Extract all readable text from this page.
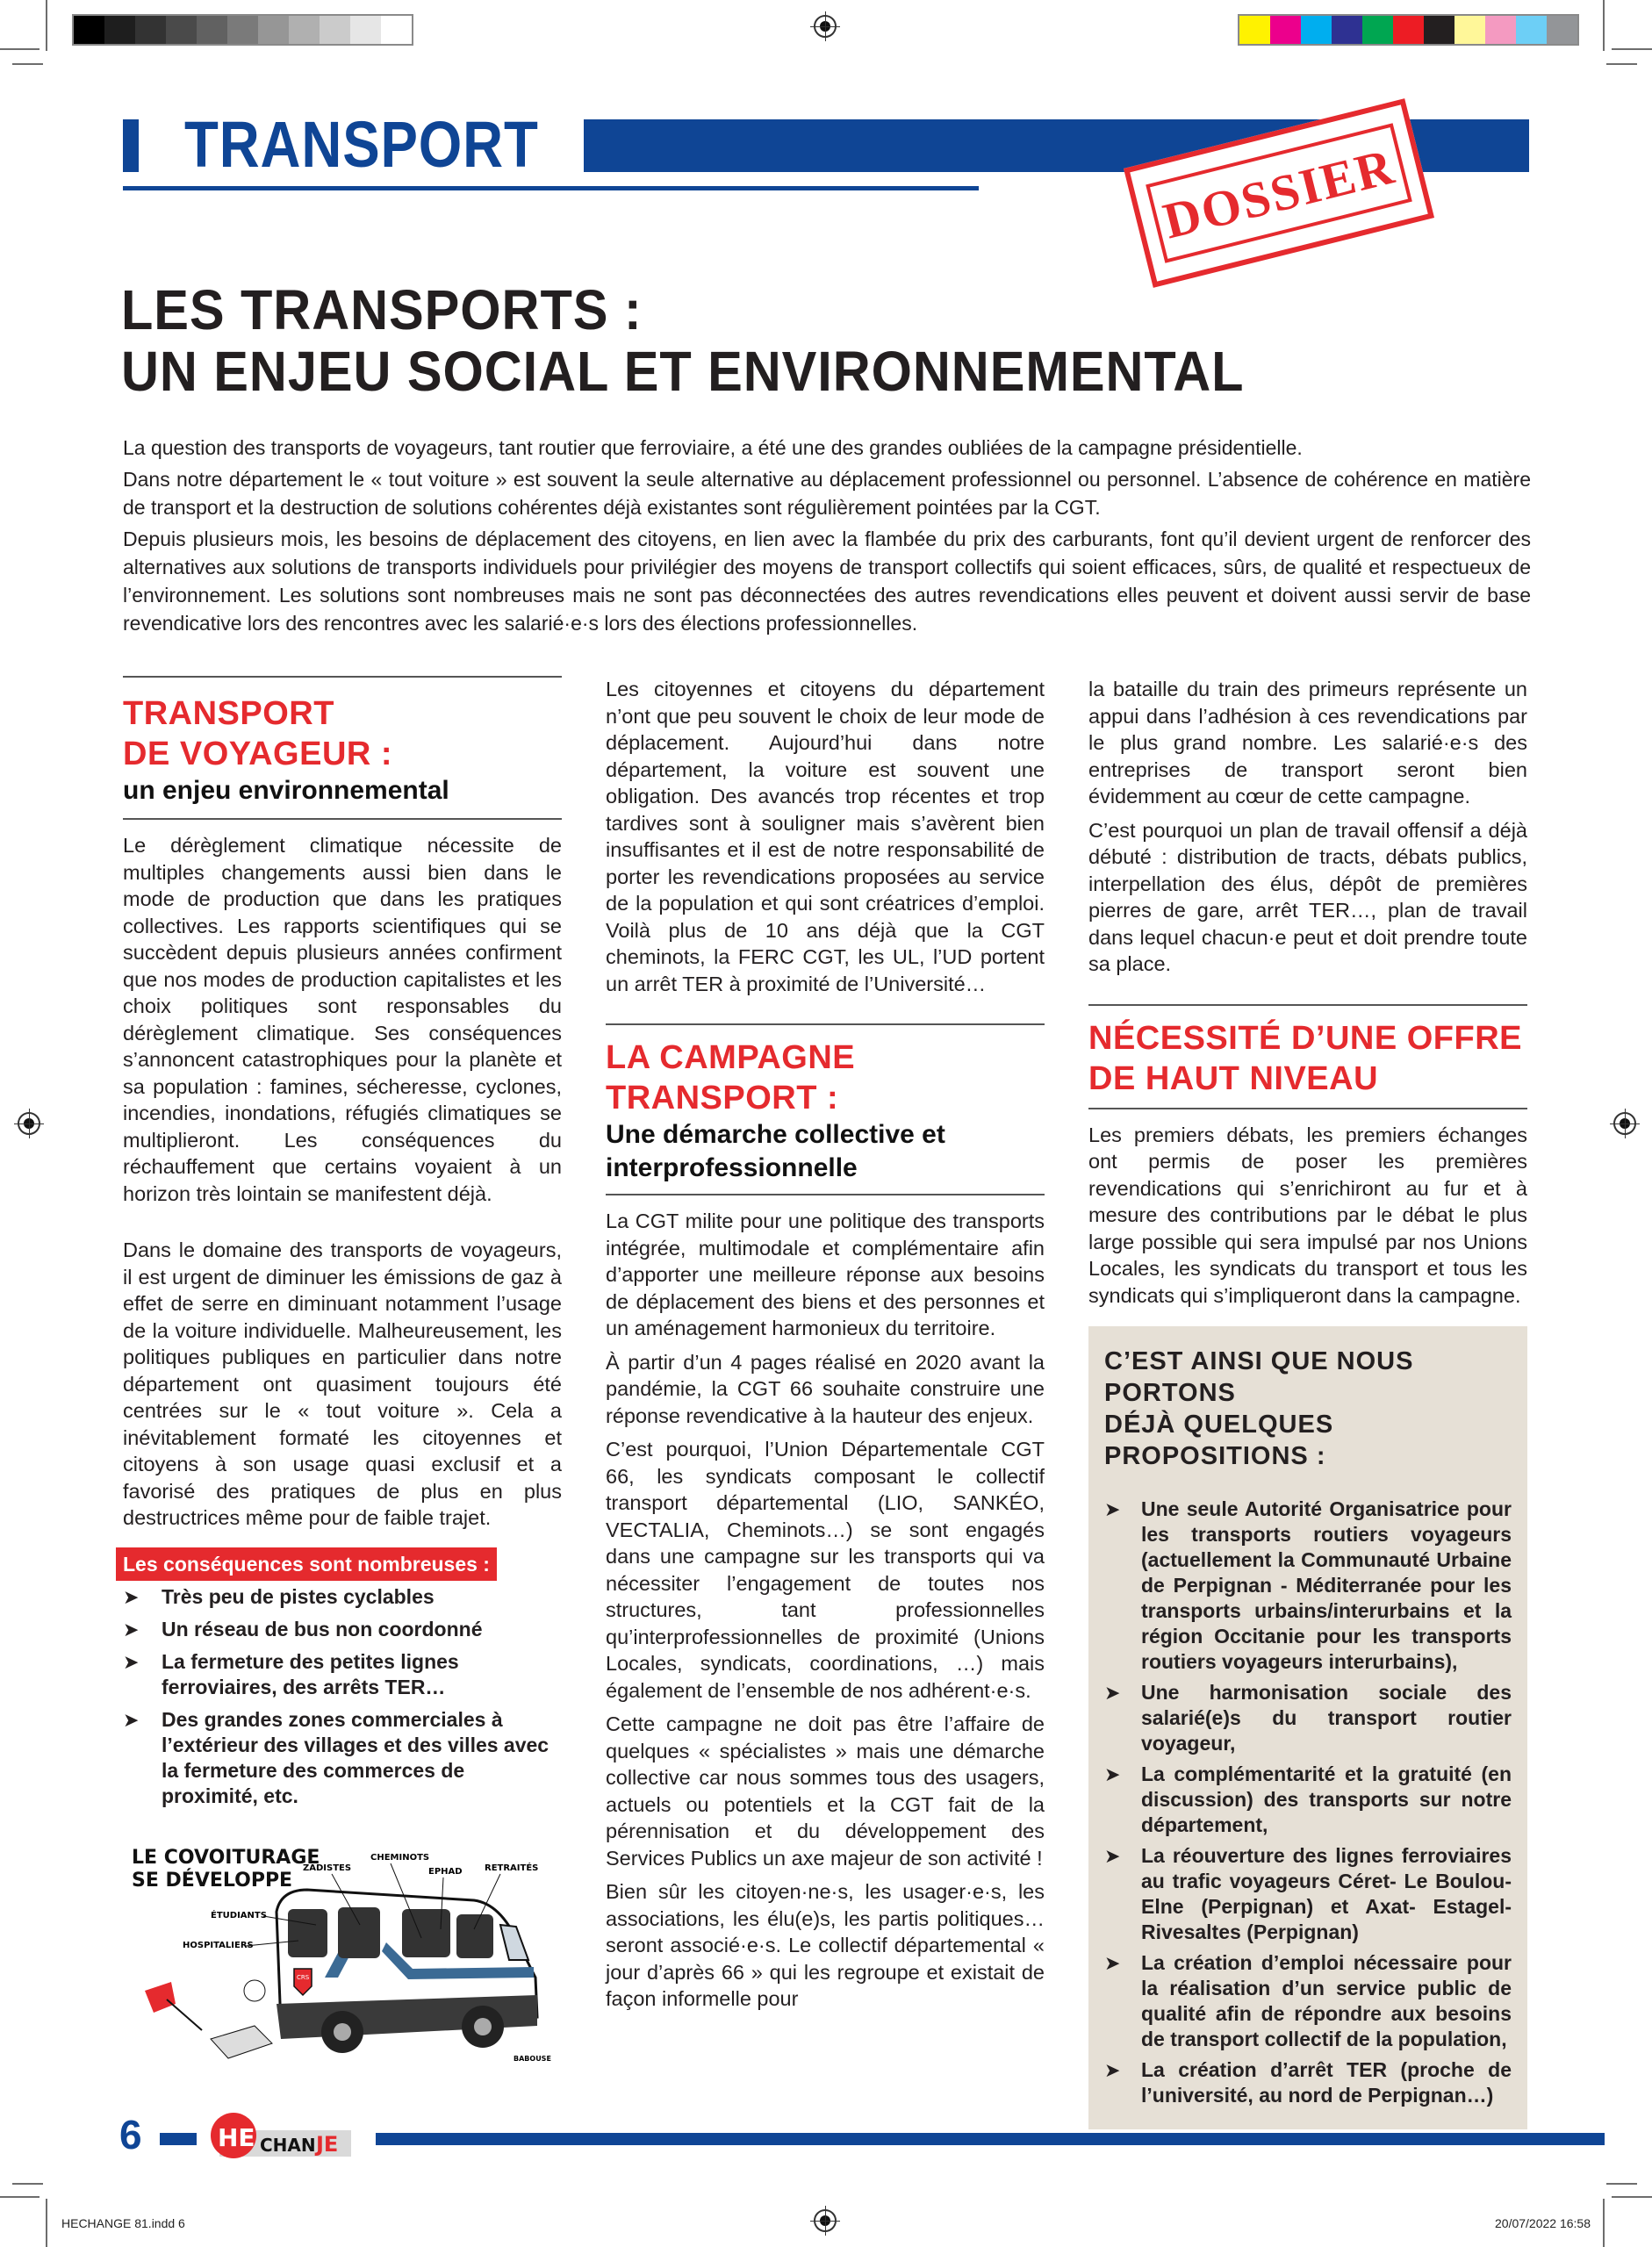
TRANSPORT	DOSSIER
LES TRANSPORTS :
UN ENJEU SOCIAL ET ENVIRONNEMENTAL

La question des transports de voyageurs, tant routier que ferroviaire, a été une des grandes oubliées de la campagne présidentielle.

Dans notre département le « tout voiture » est souvent la seule alternative au déplacement professionnel ou personnel. L’absence de cohérence en matière de transport et la destruction de solutions cohérentes déjà existantes sont régulièrement pointées par la CGT.

Depuis plusieurs mois, les besoins de déplacement des citoyens, en lien avec la flambée du prix des carburants, font qu’il devient urgent de renforcer des alternatives aux solutions de transports individuels pour privilégier des moyens de transport collectifs qui soient efficaces, sûrs, de qualité et respectueux de l’environnement. Les solutions sont nombreuses mais ne sont pas déconnectées des autres revendications elles peuvent et doivent aussi servir de base revendicative lors des rencontres avec les salarié·e·s lors des élections professionnelles.

TRANSPORT
DE VOYAGEUR :
un enjeu environnemental

Le dérèglement climatique nécessite de multiples changements aussi bien dans le mode de production que dans les pratiques collectives. Les rapports scientifiques qui se succèdent depuis plusieurs années confirment que nos modes de production capitalistes et les choix politiques sont responsables du dérèglement climatique. Ses conséquences s’annoncent catastrophiques pour la planète et sa population : famines, sécheresse, cyclones, incendies, inondations, réfugiés climatiques se multiplieront. Les conséquences du réchauffement que certains voyaient à un horizon très lointain se manifestent déjà.

Dans le domaine des transports de voyageurs, il est urgent de diminuer les émissions de gaz à effet de serre en diminuant notamment l’usage de la voiture individuelle. Malheureusement, les politiques publiques en particulier dans notre département ont quasiment toujours été centrées sur le « tout voiture ». Cela a inévitablement formaté les citoyennes et citoyens à son usage quasi exclusif et a favorisé des pratiques de plus en plus destructrices même pour de faible trajet.

Les conséquences sont nombreuses :
➤ Très peu de pistes cyclables
➤ Un réseau de bus non coordonné
➤ La fermeture des petites lignes ferroviaires, des arrêts TER…
➤ Des grandes zones commerciales à l’extérieur des villages et des villes avec la fermeture des commerces de proximité, etc.
LE COVOITURAGE
SE DÉVELOPPE
CRS
ZADISTES
CHEMINOTS
EPHAD	RETRAITÉS
ÉTUDIANTS
HOSPITALIERS
BABOUSE

Les citoyennes et citoyens du département n’ont que peu souvent le choix de leur mode de déplacement. Aujourd’hui dans notre département, la voiture est souvent une obligation. Des avancés trop récentes et trop tardives sont à souligner mais s’avèrent bien insuffisantes et il est de notre responsabilité de porter les revendications proposées au service de la population et qui sont créatrices d’emploi. Voilà plus de 10 ans déjà que la CGT cheminots, la FERC CGT, les UL, l’UD portent un arrêt TER à proximité de l’Université…

LA CAMPAGNE
TRANSPORT :
Une démarche collective et interprofessionnelle

La CGT milite pour une politique des transports intégrée, multimodale et complémentaire afin d’apporter une meilleure réponse aux besoins de déplacement des biens et des personnes et un aménagement harmonieux du territoire.

À partir d’un 4 pages réalisé en 2020 avant la pandémie, la CGT 66 souhaite construire une réponse revendicative à la hauteur des enjeux.

C’est pourquoi, l’Union Départementale CGT 66, les syndicats composant le collectif transport départemental (LIO, SANKÉO, VECTALIA, Cheminots…) se sont engagés dans une campagne sur les transports qui va nécessiter l’engagement de toutes nos structures, tant professionnelles qu’interprofessionnelles de proximité (Unions Locales, syndicats, coordinations, …) mais également de l’ensemble de nos adhérent·e·s.

Cette campagne ne doit pas être l’affaire de quelques « spécialistes » mais une démarche collective car nous sommes tous des usagers, actuels ou potentiels et la CGT fait de la pérennisation et du développement des Services Publics un axe majeur de son activité !

Bien sûr les citoyen·ne·s, les usager·e·s, les associations, les élu(e)s, les partis politiques… seront associé·e·s. Le collectif départemental « jour d’après 66 » qui les regroupe et existait de façon informelle pour

la bataille du train des primeurs représente un appui dans l’adhésion à ces revendications par le plus grand nombre. Les salarié·e·s des entreprises de transport seront bien évidemment au cœur de cette campagne.

C’est pourquoi un plan de travail offensif a déjà débuté : distribution de tracts, débats publics, interpellation des élus, dépôt de premières pierres de gare, arrêt TER…, plan de travail dans lequel chacun·e peut et doit prendre toute sa place.

NÉCESSITÉ D’UNE OFFRE
DE HAUT NIVEAU

Les premiers débats, les premiers échanges ont permis de poser les premières revendications qui s’enrichiront au fur et à mesure des contributions par le débat le plus large possible qui sera impulsé par nos Unions Locales, les syndicats du transport et tous les syndicats qui s’impliqueront dans la campagne.

C’EST AINSI QUE NOUS PORTONS
DÉJÀ QUELQUES PROPOSITIONS :
➤ Une seule Autorité Organisatrice pour les transports routiers voyageurs (actuellement la Communauté Urbaine de Perpignan - Méditerranée pour les transports urbains/interurbains et la région Occitanie pour les transports routiers voyageurs interurbains),
➤ Une harmonisation sociale des salarié(e)s du transport routier voyageur,
➤ La complémentarité et la gratuité (en discussion) des transports sur notre département,
➤ La réouverture des lignes ferroviaires au trafic voyageurs Céret- Le Boulou-Elne (Perpignan) et Axat- Estagel- Rivesaltes (Perpignan)
➤ La création d’emploi nécessaire pour la réalisation d’un service public de qualité afin de répondre aux besoins de transport collectif de la population,
➤ La création d’arrêt TER (proche de l’université, au nord de Perpignan…)
6	HE CHAN JE
HECHANGE 81.indd 6	20/07/2022 16:58
